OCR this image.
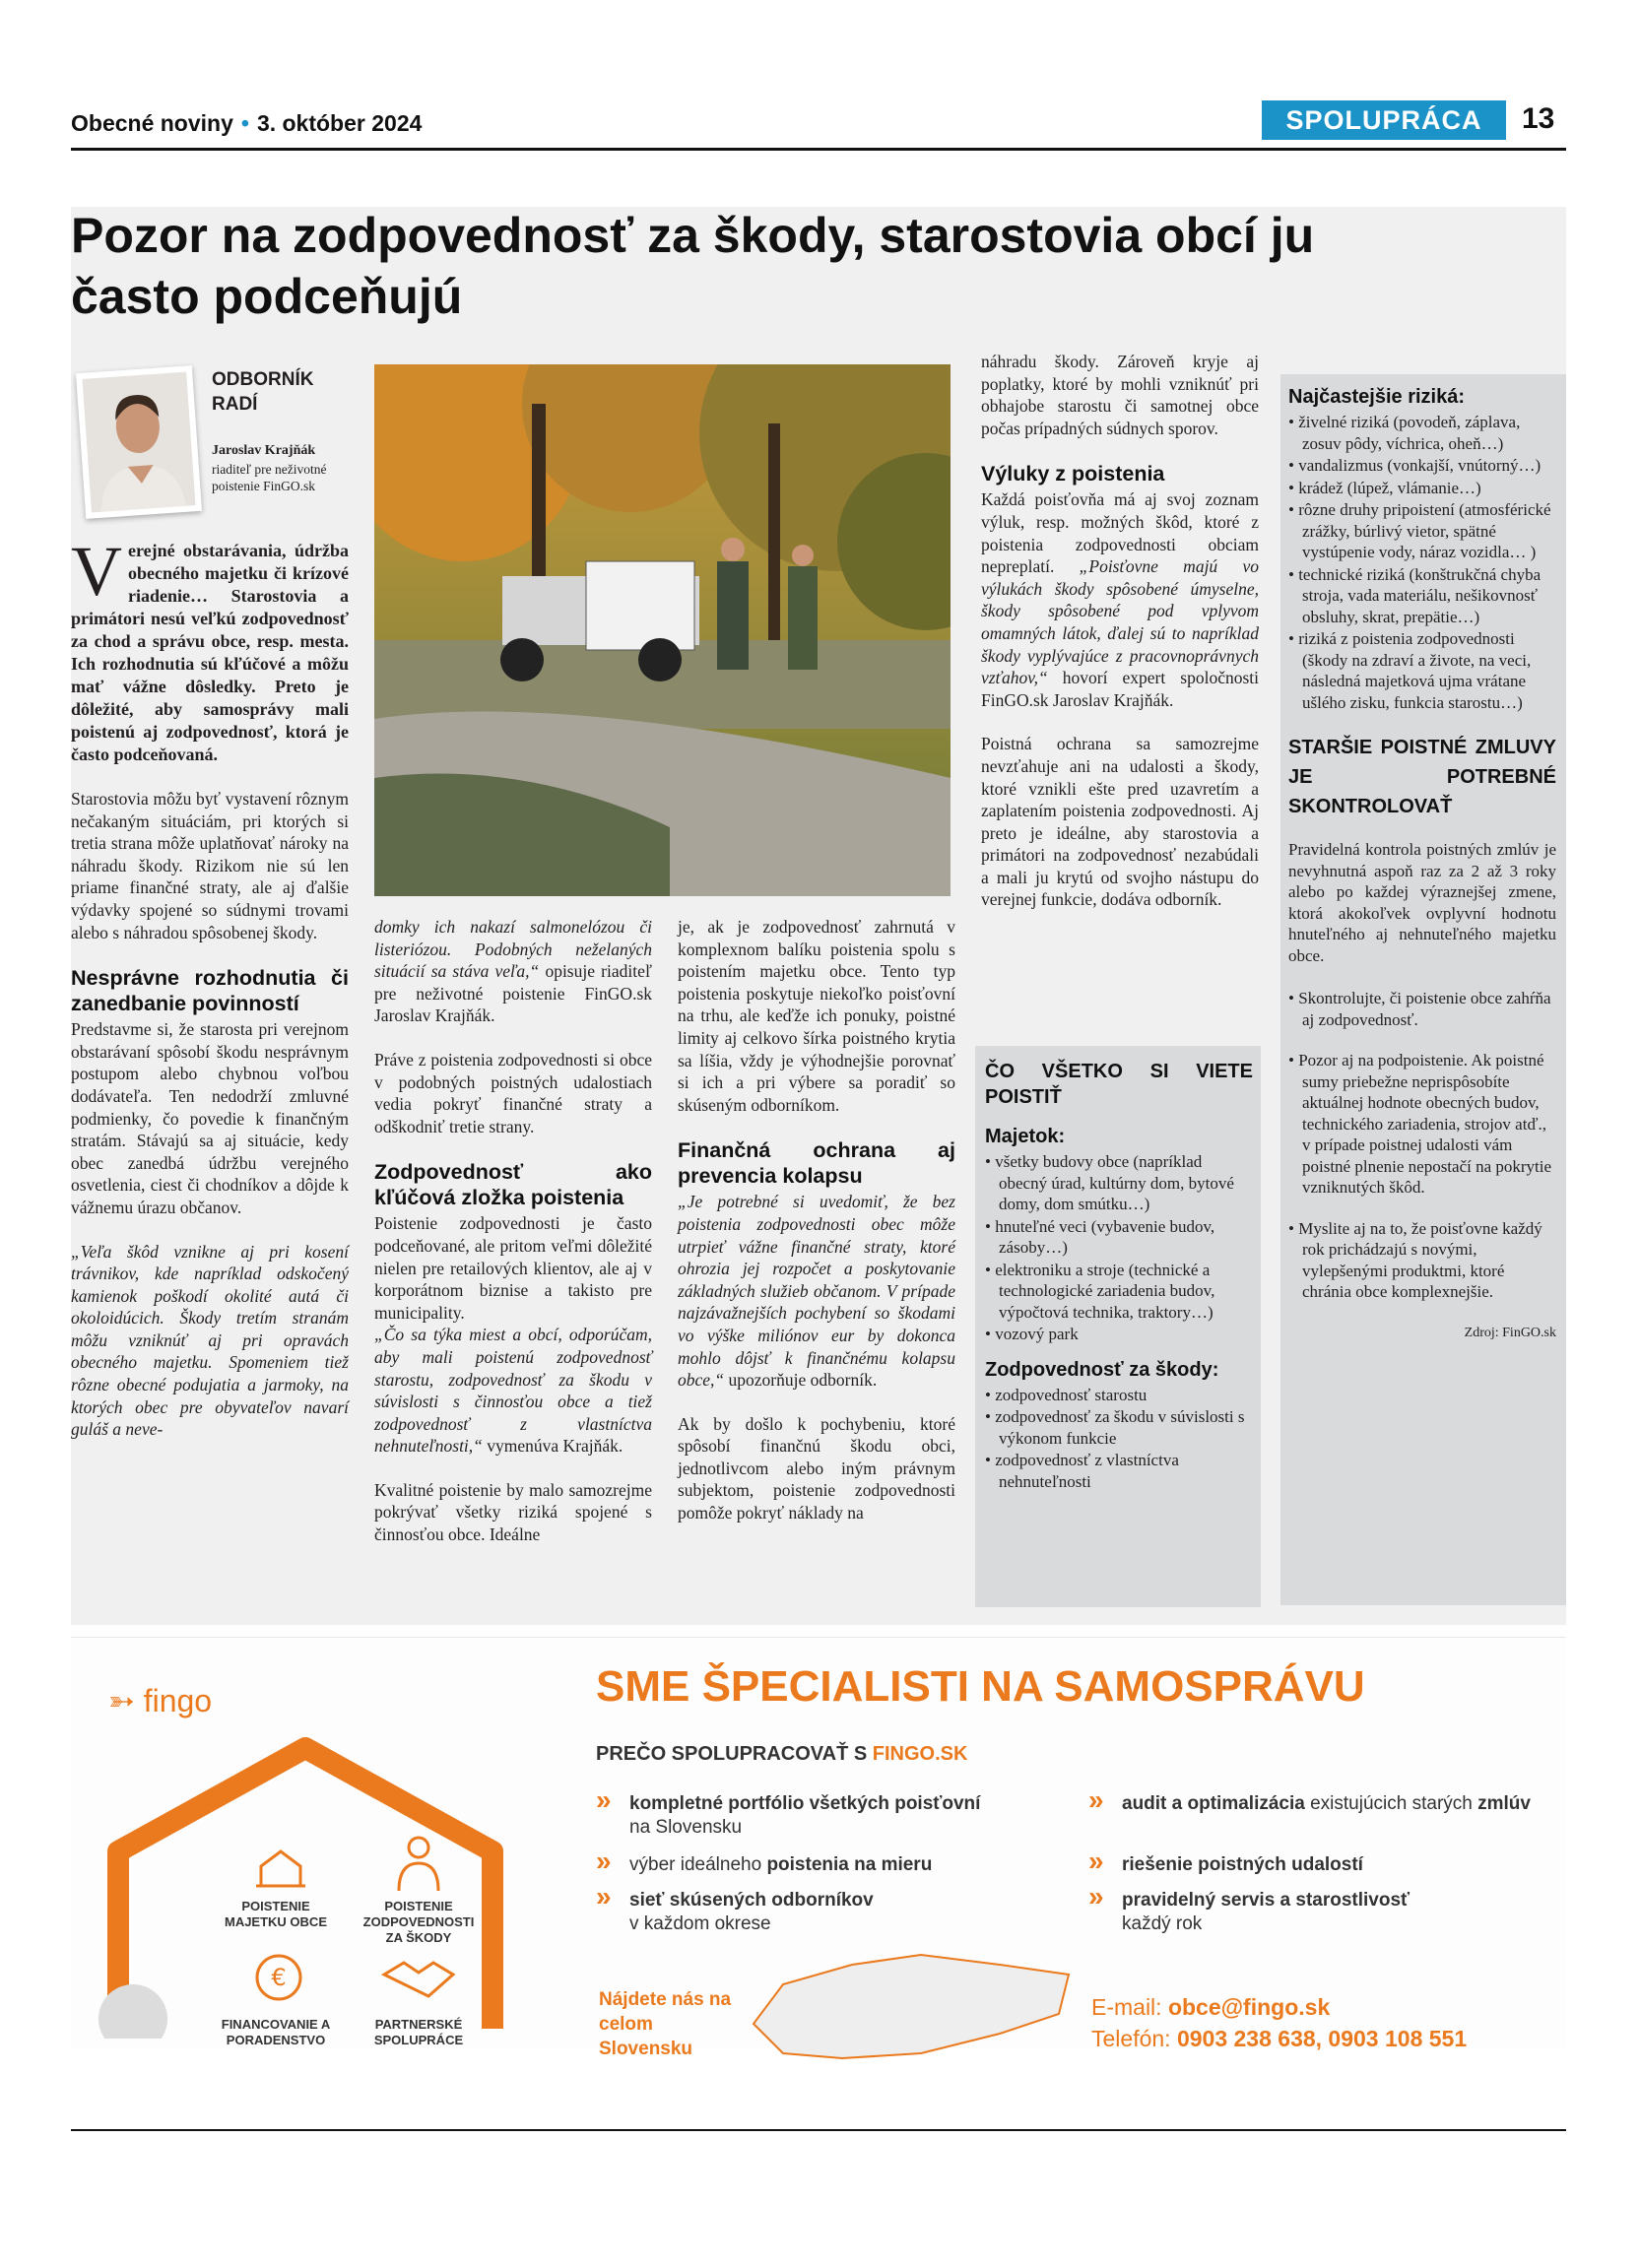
Obecné noviny • 3. október 2024	SPOLUPRÁCA	13
Pozor na zodpovednosť za škody, starostovia obcí ju často podceňujú
ODBORNÍK RADÍ
Jaroslav Krajňák
riaditeľ pre neživotné poistenie FinGO.sk

Verejné obstarávania, údržba obecného majetku či krízové riadenie… Starostovia a primátori nesú veľkú zodpovednosť za chod a správu obce, resp. mesta. Ich rozhodnutia sú kľúčové a môžu mať vážne dôsledky. Preto je dôležité, aby samosprávy mali poistenú aj zodpovednosť, ktorá je často podceňovaná.

Starostovia môžu byť vystavení rôznym nečakaným situáciám, pri ktorých si tretia strana môže uplatňovať nároky na náhradu škody. Rizikom nie sú len priame finančné straty, ale aj ďalšie výdavky spojené so súdnymi trovami alebo s náhradou spôsobenej škody.

Nesprávne rozhodnutia či zanedbanie povinností

Predstavme si, že starosta pri verejnom obstarávaní spôsobí škodu nesprávnym postupom alebo chybnou voľbou dodávateľa. Ten nedodrží zmluvné podmienky, čo povedie k finančným stratám. Stávajú sa aj situácie, kedy obec zanedbá údržbu verejného osvetlenia, ciest či chodníkov a dôjde k vážnemu úrazu občanov.

„Veľa škôd vznikne aj pri kosení trávnikov, kde napríklad odskočený kamienok poškodí okolité autá či okoloidúcich. Škody tretím stranám môžu vzniknúť aj pri opravách obecného majetku. Spomeniem tiež rôzne obecné podujatia a jarmoky, na ktorých obec pre obyvateľov navarí guláš a neve-

domky ich nakazí salmonelózou či listeriózou. Podobných neželaných situácií sa stáva veľa,“ opisuje riaditeľ pre neživotné poistenie FinGO.sk Jaroslav Krajňák.

Práve z poistenia zodpovednosti si obce v podobných poistných udalostiach vedia pokryť finančné straty a odškodniť tretie strany.

Zodpovednosť ako kľúčová zložka poistenia

Poistenie zodpovednosti je často podceňované, ale pritom veľmi dôležité nielen pre retailových klientov, ale aj v korporátnom biznise a takisto pre municipality.
„Čo sa týka miest a obcí, odporúčam, aby mali poistenú zodpovednosť starostu, zodpovednosť za škodu v súvislosti s činnosťou obce a tiež zodpovednosť z vlastníctva nehnuteľnosti,“ vymenúva Krajňák.

Kvalitné poistenie by malo samozrejme pokrývať všetky riziká spojené s činnosťou obce. Ideálne

je, ak je zodpovednosť zahrnutá v komplexnom balíku poistenia spolu s poistením majetku obce. Tento typ poistenia poskytuje niekoľko poisťovní na trhu, ale keďže ich ponuky, poistné limity aj celkovo šírka poistného krytia sa líšia, vždy je výhodnejšie porovnať si ich a pri výbere sa poradiť so skúseným odborníkom.

Finančná ochrana aj prevencia kolapsu

„Je potrebné si uvedomiť, že bez poistenia zodpovednosti obec môže utrpieť vážne finančné straty, ktoré ohrozia jej rozpočet a poskytovanie základných služieb občanom. V prípade najzávažnejších pochybení so škodami vo výške miliónov eur by dokonca mohlo dôjsť k finančnému kolapsu obce,“ upozorňuje odborník.

Ak by došlo k pochybeniu, ktoré spôsobí finančnú škodu obci, jednotlivcom alebo iným právnym subjektom, poistenie zodpovednosti pomôže pokryť náklady na

náhradu škody. Zároveň kryje aj poplatky, ktoré by mohli vzniknúť pri obhajobe starostu či samotnej obce počas prípadných súdnych sporov.

Výluky z poistenia

Každá poisťovňa má aj svoj zoznam výluk, resp. možných škôd, ktoré z poistenia zodpovednosti obciam nepreplatí. „Poisťovne majú vo výlukách škody spôsobené úmyselne, škody spôsobené pod vplyvom omamných látok, ďalej sú to napríklad škody vyplývajúce z pracovnoprávnych vzťahov,“ hovorí expert spoločnosti FinGO.sk Jaroslav Krajňák.

Poistná ochrana sa samozrejme nevzťahuje ani na udalosti a škody, ktoré vznikli ešte pred uzavretím a zaplatením poistenia zodpovednosti. Aj preto je ideálne, aby starostovia a primátori na zodpovednosť nezabúdali a mali ju krytú od svojho nástupu do verejnej funkcie, dodáva odborník.

ČO VŠETKO SI VIETE POISTIŤ
Majetok:
• všetky budovy obce (napríklad obecný úrad, kultúrny dom, bytové domy, dom smútku…)
• hnuteľné veci (vybavenie budov, zásoby…)
• elektroniku a stroje (technické a technologické zariadenia budov, výpočtová technika, traktory…)
• vozový park
Zodpovednosť za škody:
• zodpovednosť starostu
• zodpovednosť za škodu v súvislosti s výkonom funkcie
• zodpovednosť z vlastníctva nehnuteľnosti
Najčastejšie riziká:
• živelné riziká (povodeň, záplava, zosuv pôdy, víchrica, oheň…)
• vandalizmus (vonkajší, vnútorný…)
• krádež (lúpež, vlámanie…)
• rôzne druhy pripoistení (atmosférické zrážky, búrlivý vietor, spätné vystúpenie vody, náraz vozidla… )
• technické riziká (konštrukčná chyba stroja, vada materiálu, nešikovnosť obsluhy, skrat, prepätie…)
• riziká z poistenia zodpovednosti (škody na zdraví a živote, na veci, následná majetková ujma vrátane ušlého zisku, funkcia starostu…)
STARŠIE POISTNÉ ZMLUVY JE POTREBNÉ SKONTROLOVAŤ

Pravidelná kontrola poistných zmlúv je nevyhnutná aspoň raz za 2 až 3 roky alebo po každej výraznejšej zmene, ktorá akokoľvek ovplyvní hodnotu hnuteľného aj nehnuteľného majetku obce.

• Skontrolujte, či poistenie obce zahŕňa aj zodpovednosť.
• Pozor aj na podpoistenie. Ak poistné sumy priebežne neprispôsobíte aktuálnej hodnote obecných budov, technického zariadenia, strojov atď., v prípade poistnej udalosti vám poistné plnenie nepostačí na pokrytie vzniknutých škôd.
• Myslite aj na to, že poisťovne každý rok prichádzajú s novými, vylepšenými produktmi, ktoré chránia obce komplexnejšie.
Zdroj: FinGO.sk
➳ fingo
POISTENIE MAJETKU OBCE
POISTENIE ZODPOVEDNOSTI ZA ŠKODY
€
FINANCOVANIE A PORADENSTVO
PARTNERSKÉ SPOLUPRÁCE
SME ŠPECIALISTI NA SAMOSPRÁVU
PREČO SPOLUPRACOVAŤ S FINGO.SK
» kompletné portfólio všetkých poisťovní
na Slovensku
» výber ideálneho poistenia na mieru
» sieť skúsených odborníkov
v každom okrese
» audit a optimalizácia existujúcich starých zmlúv
» riešenie poistných udalostí
» pravidelný servis a starostlivosť
každý rok
Nájdete nás na celom Slovensku
E-mail: obce@fingo.sk
Telefón: 0903 238 638, 0903 108 551
